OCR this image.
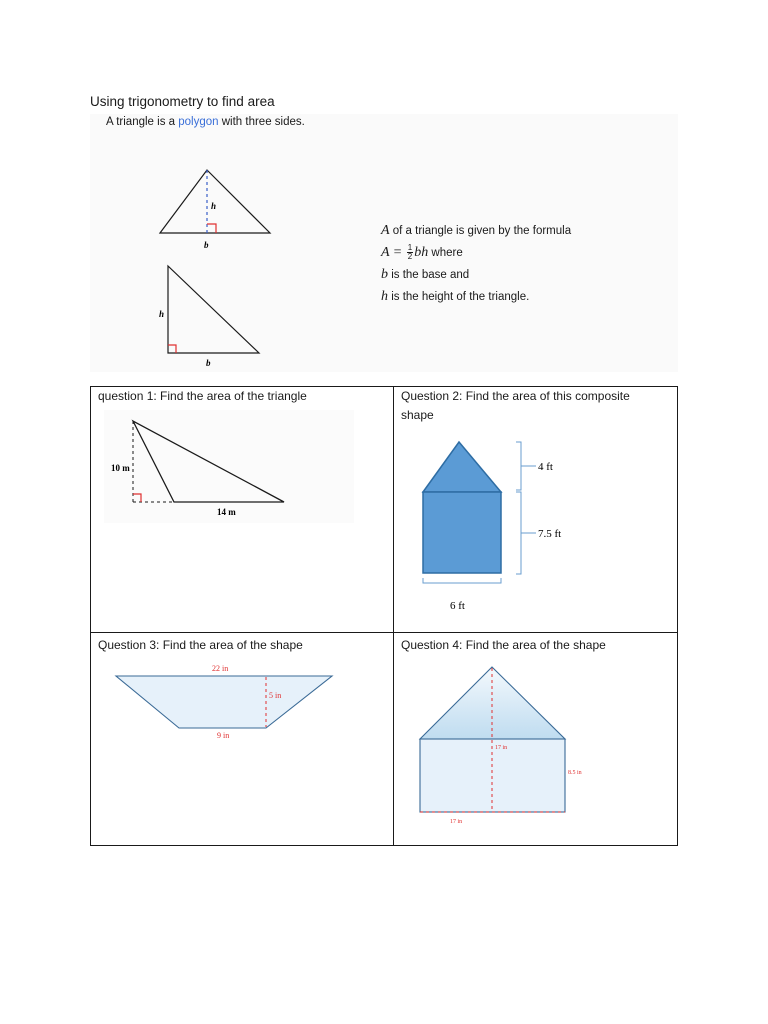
Using trigonometry to find area
A triangle is a polygon with three sides.
h
b
h
b
A of a triangle is given by the formula
$A = \frac{1}{2}$ bh where
b is the base and
h is the height of the triangle.
question 1: Find the area of the triangle	Question 2: Find the area of this composite shape
Question 3: Find the area of the shape	Question 4: Find the area of the shape
10 m
14 m
4 ft
7.5 ft
6 ft
22 in
5 in
9 in
17 in
8.5 in
17 in
